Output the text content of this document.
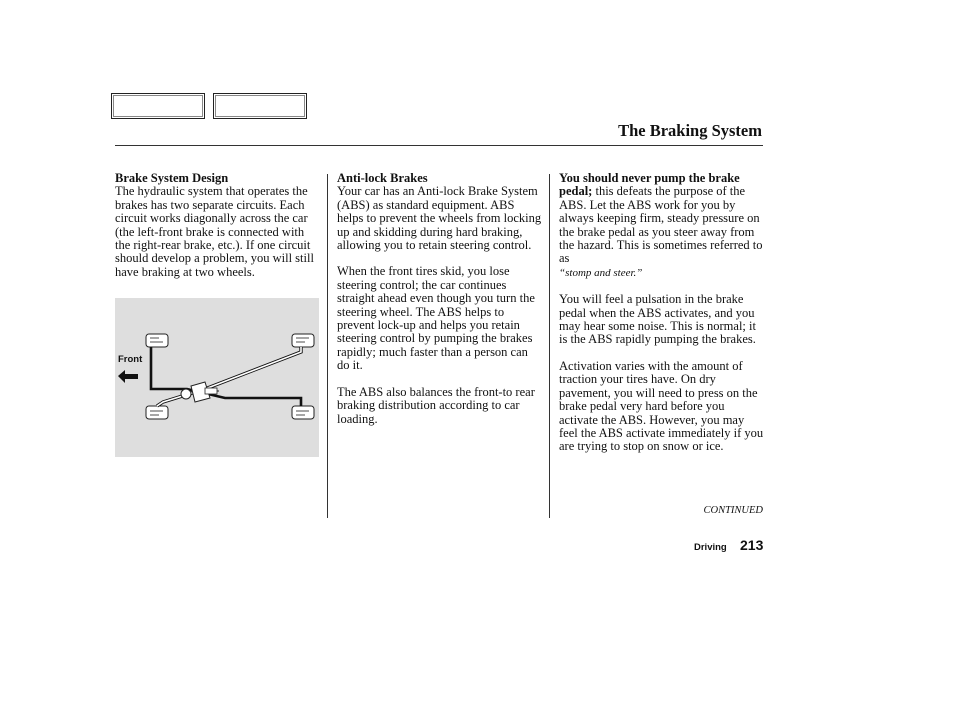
The Braking System
Brake System Design

The hydraulic system that operates the brakes has two separate circuits. Each circuit works diagonally across the car (the left-front brake is connected with the right-rear brake, etc.). If one circuit should develop a problem, you will still have braking at two wheels.

Front
Anti-lock Brakes

Your car has an Anti-lock Brake System (ABS) as standard equipment. ABS helps to prevent the wheels from locking up and skidding during hard braking, allowing you to retain steering control.

When the front tires skid, you lose steering control; the car continues straight ahead even though you turn the steering wheel. The ABS helps to prevent lock-up and helps you retain steering control by pumping the brakes rapidly; much faster than a person can do it.

The ABS also balances the front-to rear braking distribution according to car loading.

You should never pump the brake pedal; this defeats the purpose of the ABS. Let the ABS work for you by always keeping firm, steady pressure on the brake pedal as you steer away from the hazard. This is sometimes referred to as
“stomp and steer.”

You will feel a pulsation in the brake pedal when the ABS activates, and you may hear some noise. This is normal; it is the ABS rapidly pumping the brakes.

Activation varies with the amount of traction your tires have. On dry pavement, you will need to press on the brake pedal very hard before you activate the ABS. However, you may feel the ABS activate immediately if you are trying to stop on snow or ice.

CONTINUED
Driving 213
